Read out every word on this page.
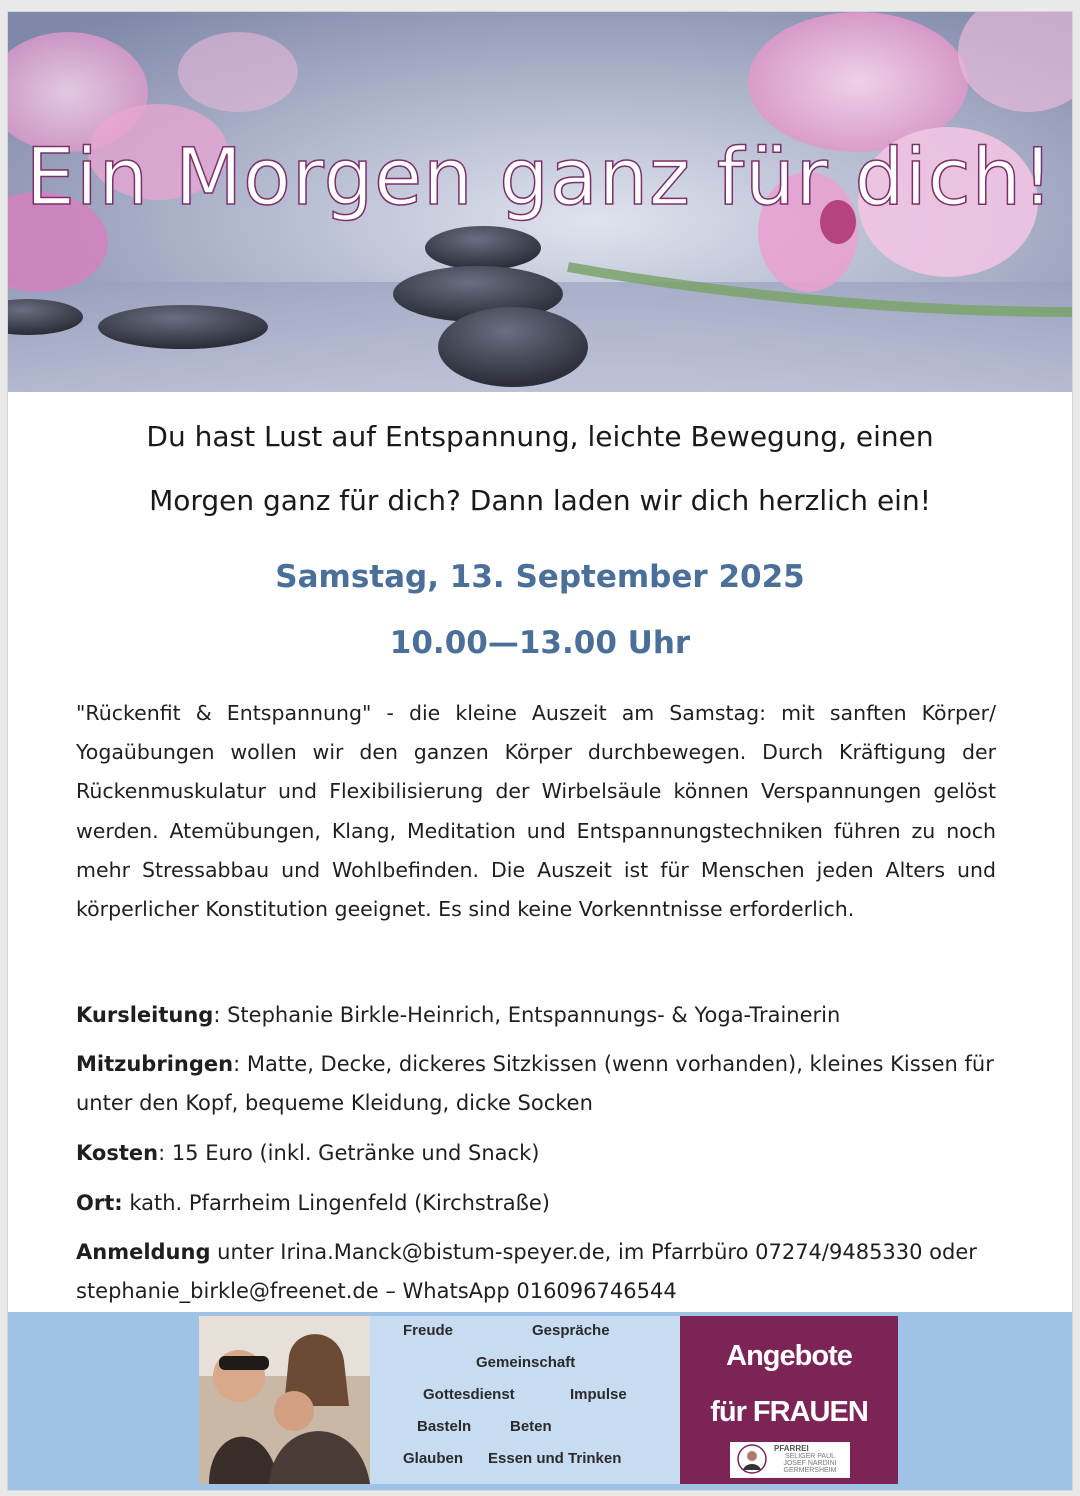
Ein Morgen ganz für dich!
Du hast Lust auf Entspannung, leichte Bewegung, einen
Morgen ganz für dich? Dann laden wir dich herzlich ein!
Samstag, 13. September 2025
10.00—13.00 Uhr
"Rückenfit & Entspannung" - die kleine Auszeit am Samstag: mit sanften Körper/ Yogaübungen wollen wir den ganzen Körper durchbewegen. Durch Kräftigung der Rückenmuskulatur und Flexibilisierung der Wirbelsäule können Verspannungen gelöst werden. Atemübungen, Klang, Meditation und Entspannungstechniken führen zu noch mehr Stressabbau und Wohlbefinden. Die Auszeit ist für Menschen jeden Alters und körperlicher Konstitution geeignet. Es sind keine Vorkenntnisse erforderlich.
Kursleitung: Stephanie Birkle-Heinrich, Entspannungs- & Yoga-Trainerin
Mitzubringen: Matte, Decke, dickeres Sitzkissen (wenn vorhanden), kleines Kissen für unter den Kopf, bequeme Kleidung, dicke Socken
Kosten: 15 Euro (inkl. Getränke und Snack)
Ort: kath. Pfarrheim Lingenfeld (Kirchstraße)
Anmeldung unter Irina.Manck@bistum-speyer.de, im Pfarrbüro 07274/9485330 oder stephanie_birkle@freenet.de – WhatsApp 016096746544
Freude	Gespräche
Gemeinschaft
Gottesdienst	Impulse
Basteln	Beten
Glauben Essen und Trinken
Angebote
für FRAUEN
PFARREI
SELIGER PAUL JOSEF NARDINI GERMERSHEIM
